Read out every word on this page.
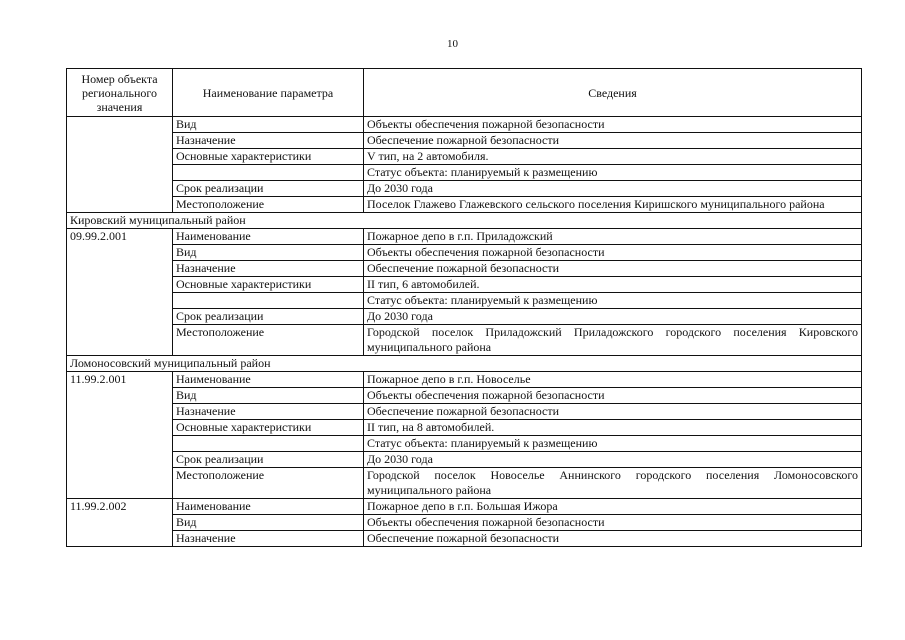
10
Номер объекта регионального значения	Наименование параметра	Сведения
	Вид	Объекты обеспечения пожарной безопасности
	Назначение	Обеспечение пожарной безопасности
	Основные характеристики	V тип, на 2 автомобиля.
		Статус объекта: планируемый к размещению
	Срок реализации	До 2030 года
	Местоположение	Поселок Глажево Глажевского сельского поселения Киришского муниципального района
Кировский муниципальный район		
09.99.2.001	Наименование	Пожарное депо в г.п. Приладожский
	Вид	Объекты обеспечения пожарной безопасности
	Назначение	Обеспечение пожарной безопасности
	Основные характеристики	II тип, 6 автомобилей.
		Статус объекта: планируемый к размещению
	Срок реализации	До 2030 года
	Местоположение	Городской поселок Приладожский Приладожского городского поселения Кировского муниципального района
Ломоносовский муниципальный район		
11.99.2.001	Наименование	Пожарное депо в г.п. Новоселье
	Вид	Объекты обеспечения пожарной безопасности
	Назначение	Обеспечение пожарной безопасности
	Основные характеристики	II тип, на 8 автомобилей.
		Статус объекта: планируемый к размещению
	Срок реализации	До 2030 года
	Местоположение	Городской поселок Новоселье Аннинского городского поселения Ломоносовского муниципального района
11.99.2.002	Наименование	Пожарное депо в г.п. Большая Ижора
	Вид	Объекты обеспечения пожарной безопасности
	Назначение	Обеспечение пожарной безопасности
